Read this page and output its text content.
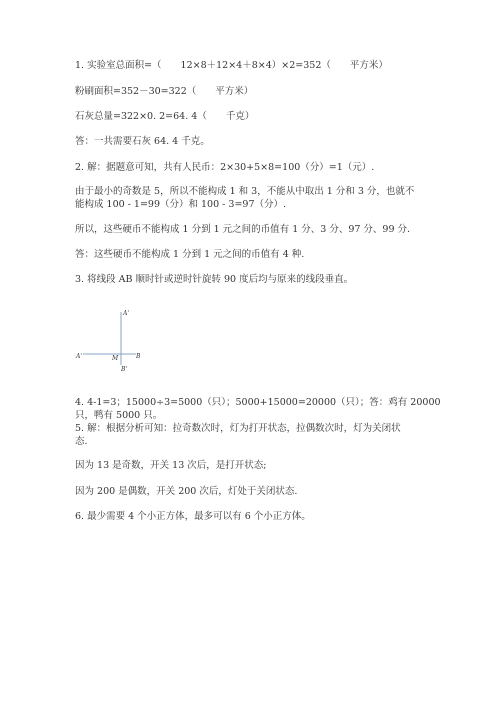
1. 实验室总面积=（　　12×8＋12×4＋8×4）×2=352（　　平方米）
粉刷面积=352－30=322（　　平方米）
石灰总量=322×0. 2=64. 4（　　千克）
答：一共需要石灰 64. 4 千克。
2. 解：据题意可知，共有人民币：2×30+5×8=100（分）=1（元）.
由于最小的奇数是 5，所以不能构成 1 和 3，不能从中取出 1 分和 3 分，也就不
能构成 100 - 1=99（分）和 100 - 3=97（分）.
所以，这些硬币不能构成 1 分到 1 元之间的币值有 1 分、3 分、97 分、99 分.
答：这些硬币不能构成 1 分到 1 元之间的币值有 4 种.
3. 将线段 AB 顺时针或逆时针旋转 90 度后均与原来的线段垂直。
A'
A'	M	B
B'
4. 4-1=3；15000÷3=5000（只）；5000+15000=20000（只）；答：鸡有 20000
只，鸭有 5000 只。
5. 解：根据分析可知：拉奇数次时，灯为打开状态，拉偶数次时，灯为关闭状
态.
因为 13 是奇数，开关 13 次后，是打开状态;
因为 200 是偶数，开关 200 次后，灯处于关闭状态.
6. 最少需要 4 个小正方体，最多可以有 6 个小正方体。
